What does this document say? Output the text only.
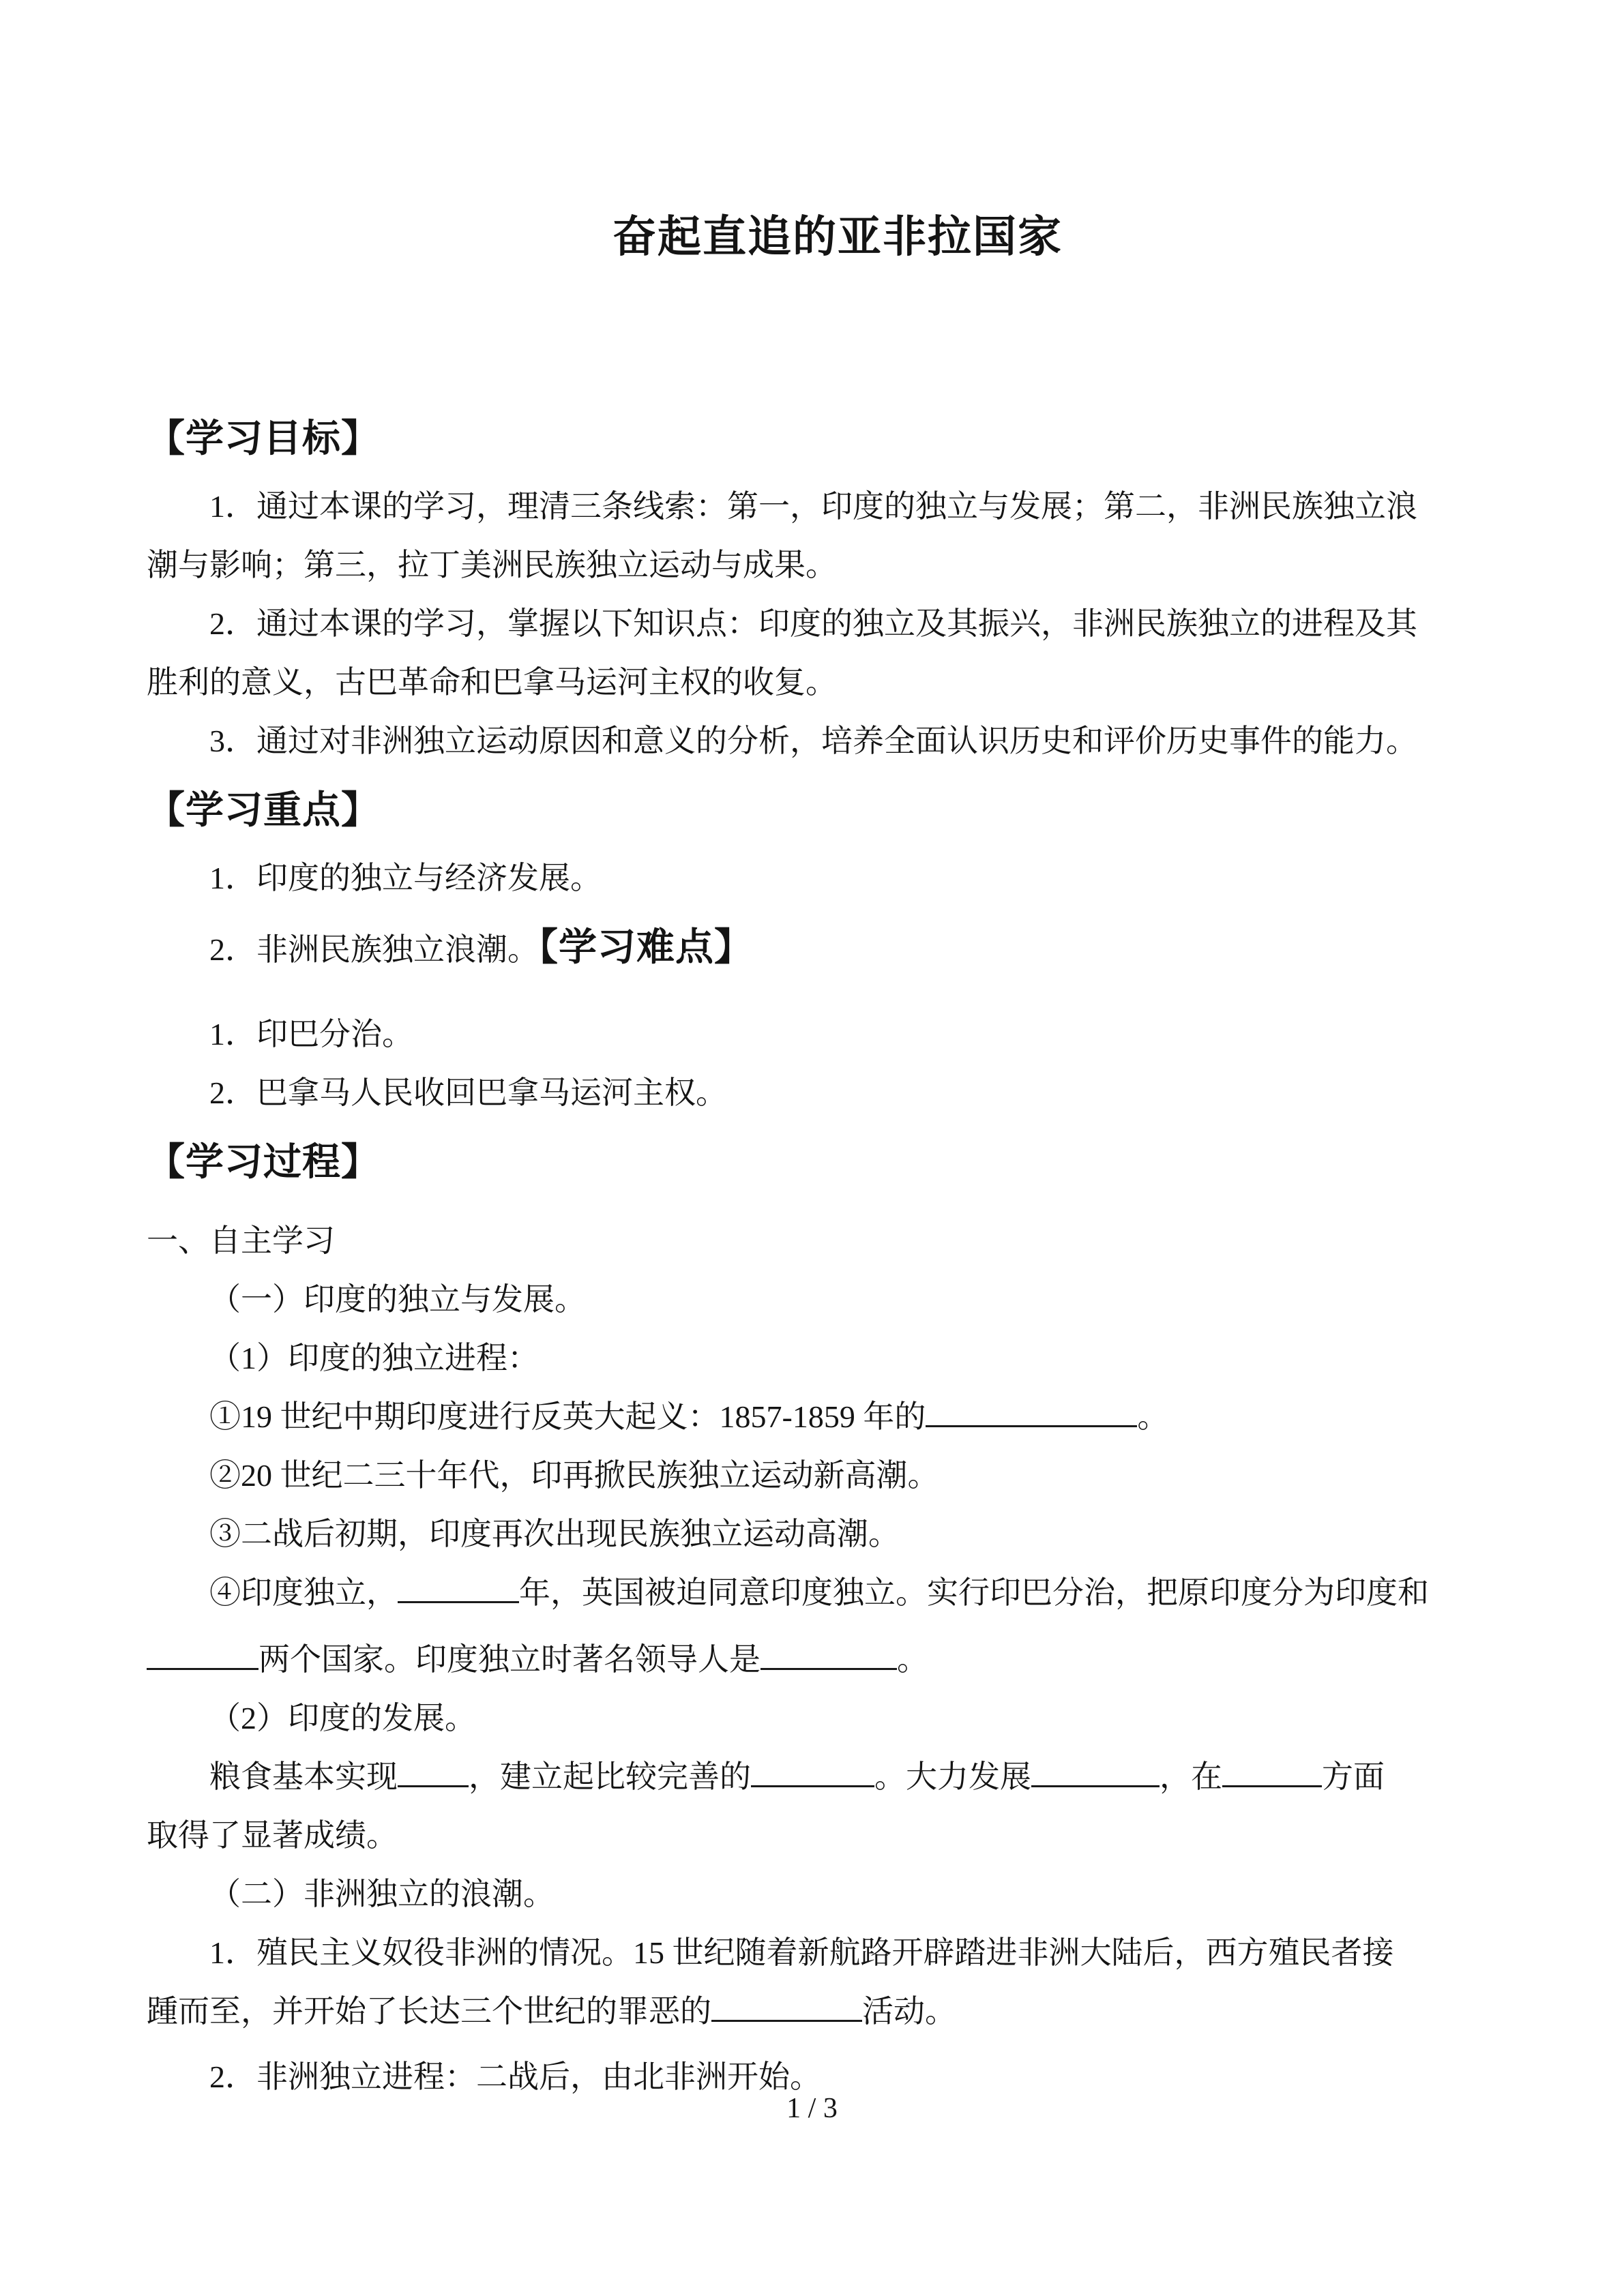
奋起直追的亚非拉国家
【学习目标】
1．通过本课的学习，理清三条线索：第一，印度的独立与发展；第二，非洲民族独立浪
潮与影响；第三，拉丁美洲民族独立运动与成果。
2．通过本课的学习，掌握以下知识点：印度的独立及其振兴，非洲民族独立的进程及其
胜利的意义，古巴革命和巴拿马运河主权的收复。
3．通过对非洲独立运动原因和意义的分析，培养全面认识历史和评价历史事件的能力。
【学习重点】
1．印度的独立与经济发展。
2．非洲民族独立浪潮。【学习难点】
1．印巴分治。
2．巴拿马人民收回巴拿马运河主权。
【学习过程】
一、自主学习
（一）印度的独立与发展。
（1）印度的独立进程：
①19 世纪中期印度进行反英大起义：1857-1859 年的	。
②20 世纪二三十年代，印再掀民族独立运动新高潮。
③二战后初期，印度再次出现民族独立运动高潮。
④印度独立，	年，英国被迫同意印度独立。实行印巴分治，把原印度分为印度和
两个国家。印度独立时著名领导人是	。
（2）印度的发展。
粮食基本实现 ，建立起比较完善的	。大力发展	，在	方面
取得了显著成绩。
（二）非洲独立的浪潮。
1．殖民主义奴役非洲的情况。15 世纪随着新航路开辟踏进非洲大陆后，西方殖民者接
踵而至，并开始了长达三个世纪的罪恶的	活动。
2．非洲独立进程：二战后，由北非洲开始。
1 / 3
